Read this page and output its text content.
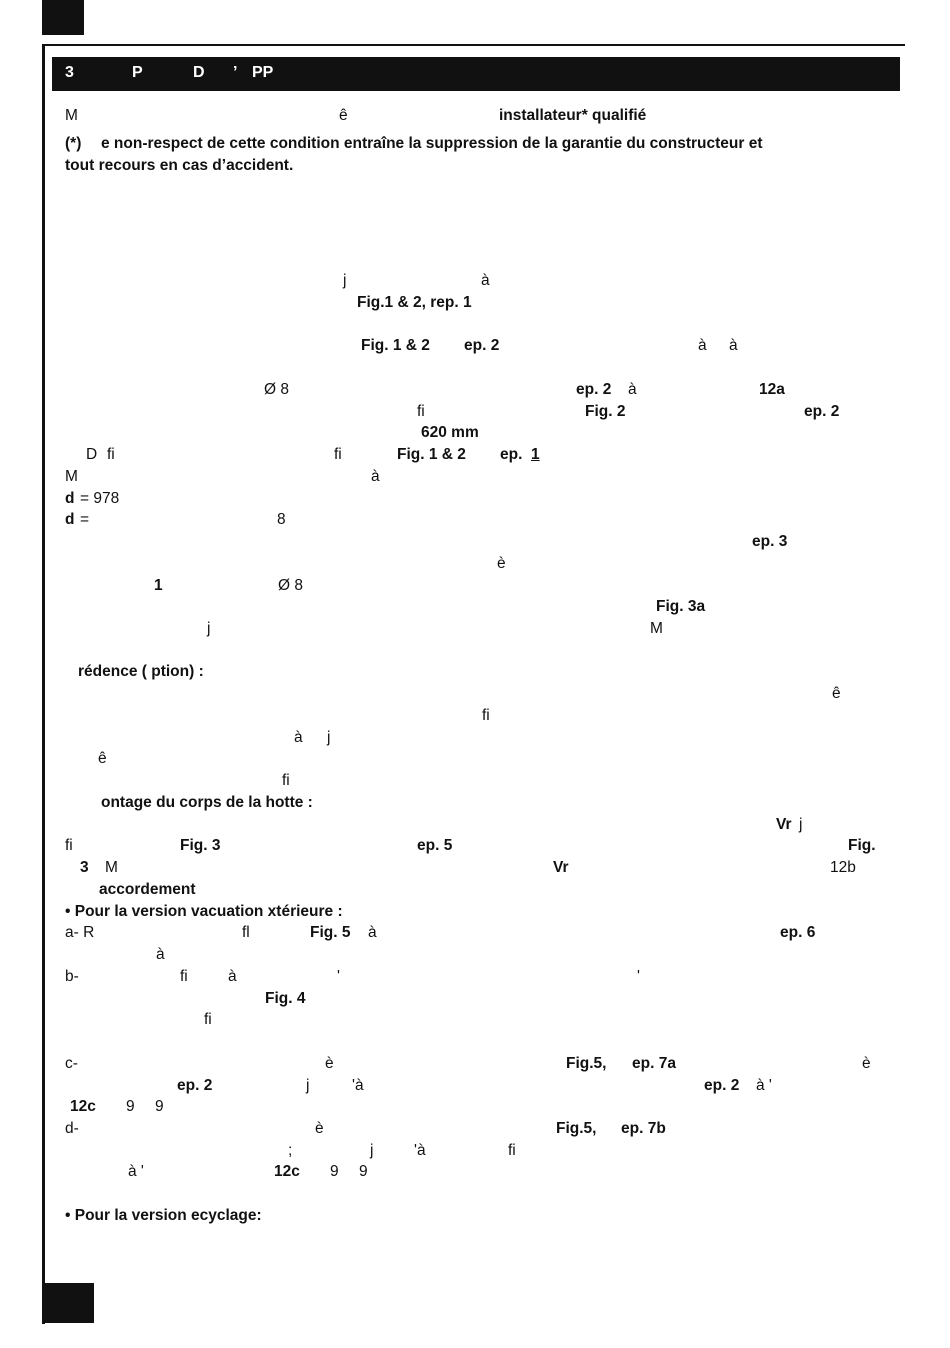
3	P	D ’ PP
M	ê	installateur* qualifié
(*) e non-respect de cette condition entraîne la suppression de la garantie du constructeur et
tout recours en cas d’accident.
j	à
Fig.1 & 2, rep. 1
Fig. 1 & 2 ep. 2	à à
Ø 8	ep. 2 à	12a
fi	Fig. 2	ep. 2
620 mm
D fi	fi	Fig. 1 & 2 ep. 1
M	à
d = 978
d =	8
ep. 3
è
1	Ø 8
Fig. 3a
j	M
rédence ( ption) :
ê
fi
à j
ê
fi
ontage du corps de la hotte :
Vr j
fi	Fig. 3	ep. 5	Fig.
3 M	Vr	12b
accordement
• Pour la version vacuation xtérieure :
a- R	fl	Fig. 5 à	ep. 6
à
b-	fi	à	'	'
Fig. 4
fi
c-	è	Fig.5, ep. 7a	è
ep. 2	j	'à	ep. 2 à '
12c 9 9
d-	è	Fig.5, ep. 7b
;	j	'à	fi
à '	12c 9 9
• Pour la version ecyclage:
